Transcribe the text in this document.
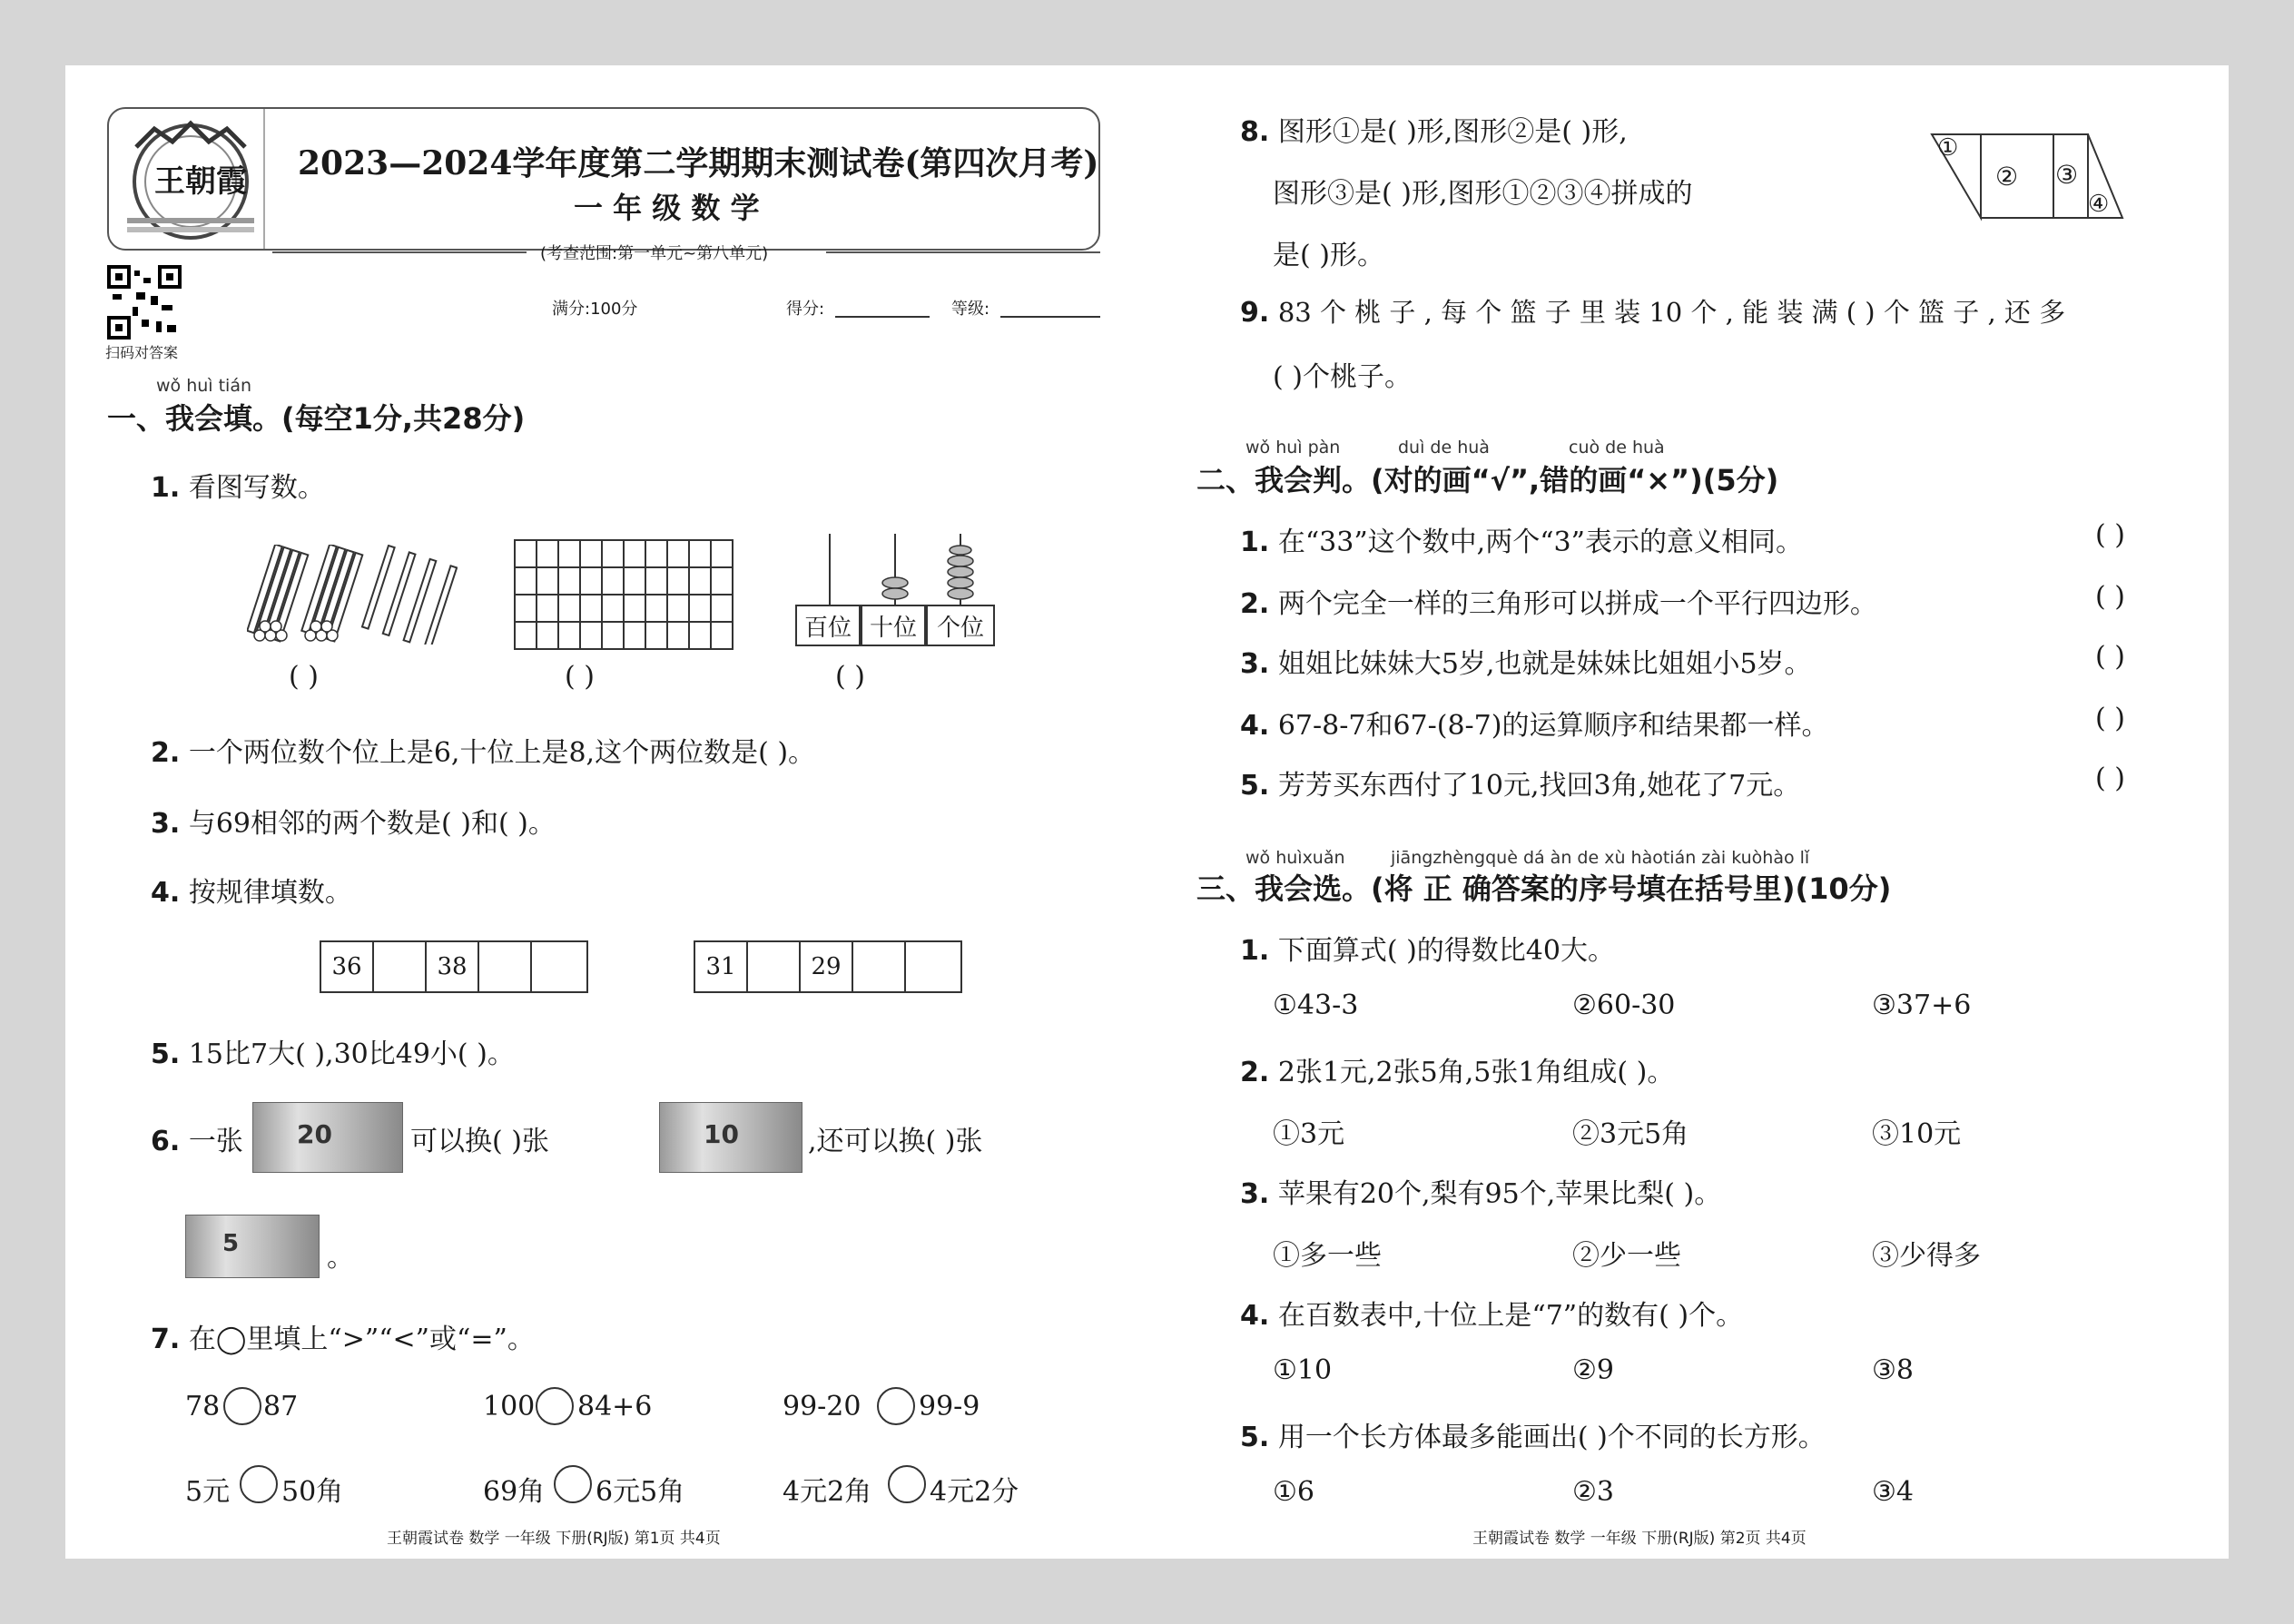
王朝霞 2023—2024学年度第二学期期末测试卷(第四次月考)
一 年 级 数 学
(考查范围:第一单元~第八单元)
扫码对答案
满分:100分	得分:	等级:
wǒ huì tián
一、我会填。(每空1分,共28分)
1. 看图写数。
( )	( )
百位 十位 个位
( )
2. 一个两位数个位上是6,十位上是8,这个两位数是( )。
3. 与69相邻的两个数是( )和( )。
4. 按规律填数。
36	38	31	29
5. 15比7大( ),30比49小( )。
6. 一张 20	可以换( )张	10	,还可以换( )张
5	。
7. 在◯里填上“>”“<”或“=”。
78 87	100 84+6	99-20 99-9
5元 50角	69角 6元5角	4元2角 4元2分
王朝霞试卷 数学 一年级 下册(RJ版) 第1页 共4页
8. 图形①是( )形,图形②是( )形,
图形③是( )形,图形①②③④拼成的
是( )形。
①
② ③
④
9. 83 个 桃 子 , 每 个 篮 子 里 装 10 个 , 能 装 满 ( ) 个 篮 子 , 还 多
( )个桃子。
wǒ huì pàn	duì de huà	cuò de huà
二、我会判。(对的画“√”,错的画“×”)(5分)
1. 在“33”这个数中,两个“3”表示的意义相同。	( )
2. 两个完全一样的三角形可以拼成一个平行四边形。	( )
3. 姐姐比妹妹大5岁,也就是妹妹比姐姐小5岁。	( )
4. 67-8-7和67-(8-7)的运算顺序和结果都一样。	( )
5. 芳芳买东西付了10元,找回3角,她花了7元。	( )
wǒ huìxuǎn	jiāngzhèngquè dá àn de xù hàotián zài kuòhào lǐ
三、我会选。(将 正 确答案的序号填在括号里)(10分)
1. 下面算式( )的得数比40大。
①43-3	②60-30	③37+6
2. 2张1元,2张5角,5张1角组成( )。
①3元	②3元5角	③10元
3. 苹果有20个,梨有95个,苹果比梨( )。
①多一些	②少一些	③少得多
4. 在百数表中,十位上是“7”的数有( )个。
①10	②9	③8
5. 用一个长方体最多能画出( )个不同的长方形。
①6	②3	③4
王朝霞试卷 数学 一年级 下册(RJ版) 第2页 共4页
